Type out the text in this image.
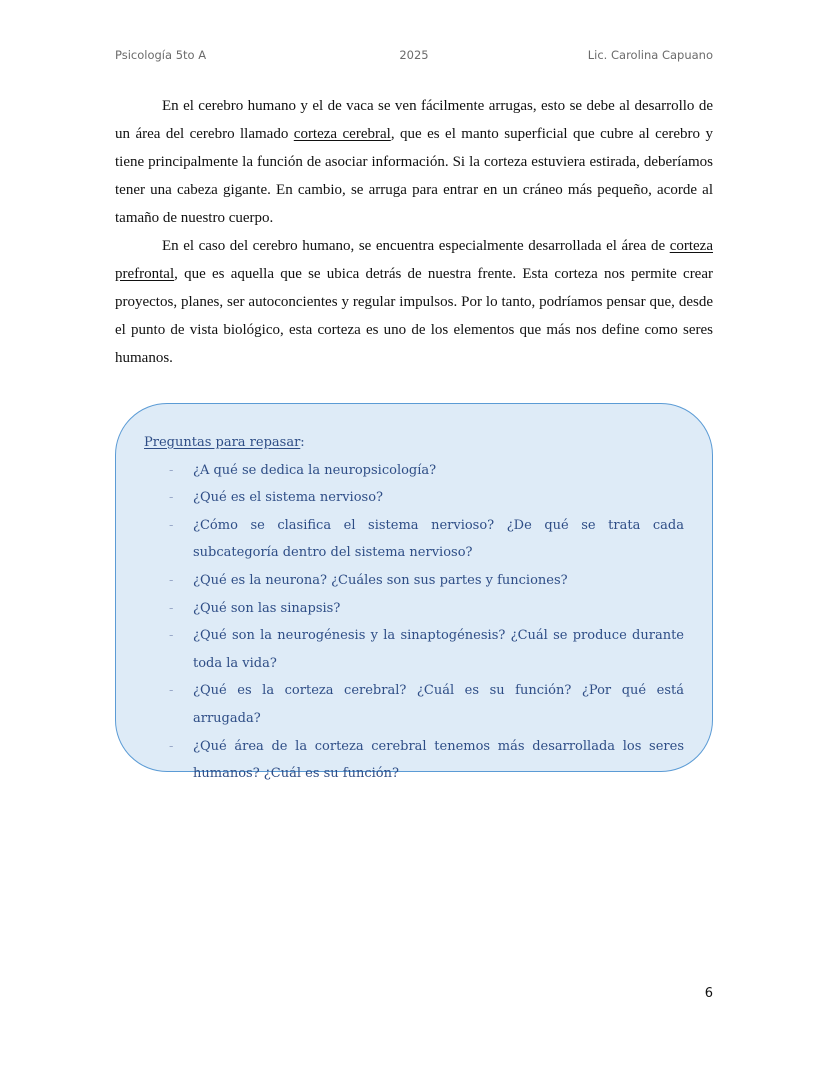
Psicología 5to A	2025	Lic. Carolina Capuano

En el cerebro humano y el de vaca se ven fácilmente arrugas, esto se debe al desarrollo de un área del cerebro llamado corteza cerebral, que es el manto superficial que cubre al cerebro y tiene principalmente la función de asociar información. Si la corteza estuviera estirada, deberíamos tener una cabeza gigante. En cambio, se arruga para entrar en un cráneo más pequeño, acorde al tamaño de nuestro cuerpo.

En el caso del cerebro humano, se encuentra especialmente desarrollada el área de corteza prefrontal, que es aquella que se ubica detrás de nuestra frente. Esta corteza nos permite crear proyectos, planes, ser autoconcientes y regular impulsos. Por lo tanto, podríamos pensar que, desde el punto de vista biológico, esta corteza es uno de los elementos que más nos define como seres humanos.

Preguntas para repasar:
- ¿A qué se dedica la neuropsicología?
- ¿Qué es el sistema nervioso?
- ¿Cómo se clasifica el sistema nervioso? ¿De qué se trata cada subcategoría dentro del sistema nervioso?
- ¿Qué es la neurona? ¿Cuáles son sus partes y funciones?
- ¿Qué son las sinapsis?
- ¿Qué son la neurogénesis y la sinaptogénesis? ¿Cuál se produce durante toda la vida?
- ¿Qué es la corteza cerebral? ¿Cuál es su función? ¿Por qué está arrugada?
- ¿Qué área de la corteza cerebral tenemos más desarrollada los seres humanos? ¿Cuál es su función?
6
